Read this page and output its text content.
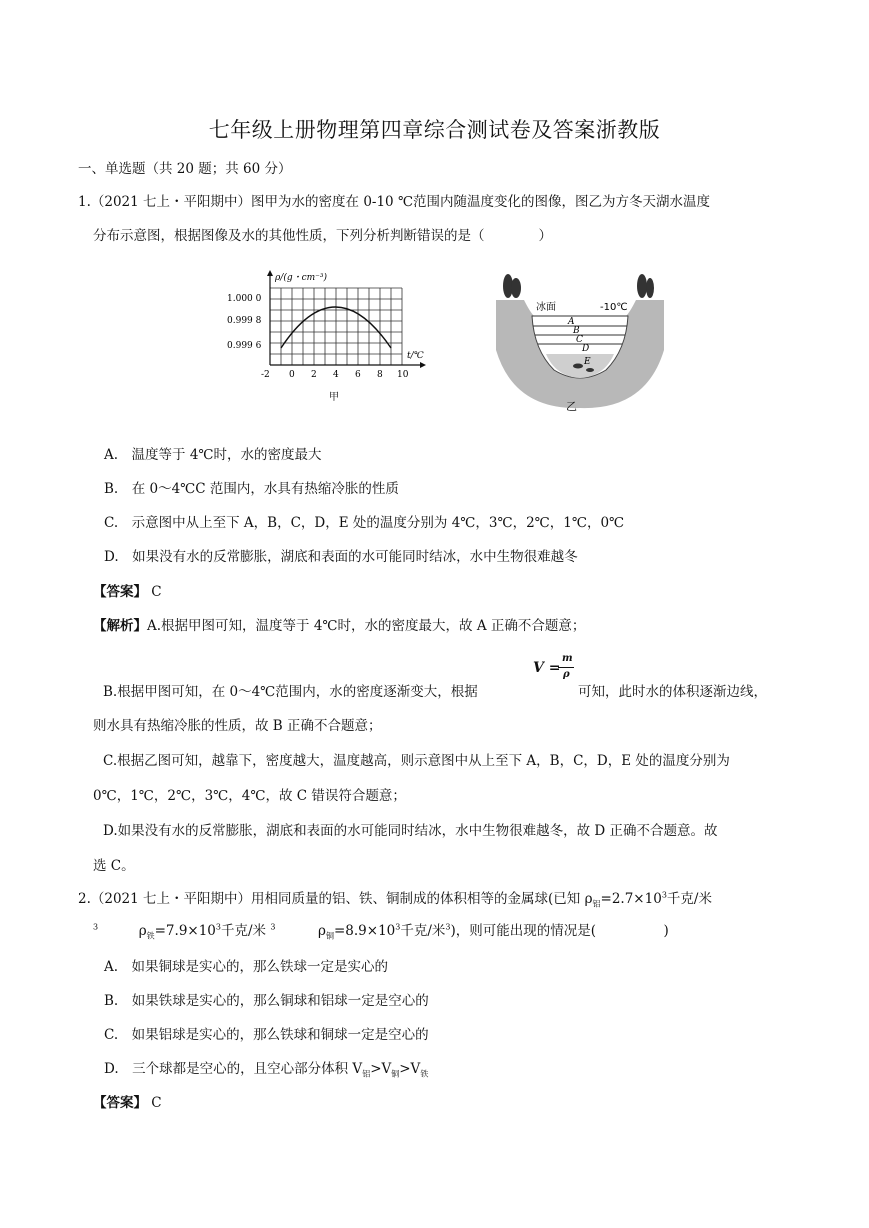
七年级上册物理第四章综合测试卷及答案浙教版
一、单选题（共 20 题；共 60 分）
1.（2021 七上・平阳期中）图甲为水的密度在 0-10 ℃范围内随温度变化的图像，图乙为方冬天湖水温度
分布示意图，根据图像及水的其他性质，下列分析判断错误的是（　　　　）
ρ/(g・cm⁻³)
t/℃
1.000 0
0.999 8
0.999 6
-2 0 2 4 6 8 10
甲
冰面	-10℃
A
B
C
D
E
乙
A.　温度等于 4℃时，水的密度最大
B.　在 0～4℃C 范围内，水具有热缩冷胀的性质
C.　示意图中从上至下 A，B，C，D，E 处的温度分别为 4℃，3℃，2℃，1℃，0℃
D.　如果没有水的反常膨胀，湖底和表面的水可能同时结冰，水中生物很难越冬
【答案】 C
【解析】A.根据甲图可知，温度等于 4℃时，水的密度最大，故 A 正确不合题意；
B.根据甲图可知，在 0～4℃范围内，水的密度逐渐变大，根据
V =
m
ρ
可知，此时水的体积逐渐边线，
则水具有热缩冷胀的性质，故 B 正确不合题意；
C.根据乙图可知，越靠下，密度越大，温度越高，则示意图中从上至下 A，B，C，D，E 处的温度分别为
0℃，1℃，2℃，3℃，4℃，故 C 错误符合题意；
D.如果没有水的反常膨胀，湖底和表面的水可能同时结冰，水中生物很难越冬，故 D 正确不合题意。故
选 C。
2.（2021 七上・平阳期中）用相同质量的铝、铁、铜制成的体积相等的金属球(已知 $\rho_铝=2.7\times 10^3$千克/米
$^3$	$\rho_铁=7.9\times 10^3$千克/米 $^3$	$\rho_铜=8.9\times 10^3$千克/米$^3$)，则可能出现的情况是(　　　　　)
A.　如果铜球是实心的，那么铁球一定是实心的
B.　如果铁球是实心的，那么铜球和铝球一定是空心的
C.　如果铝球是实心的，那么铁球和铜球一定是空心的
D.　三个球都是空心的，且空心部分体积 $V_铝>V_铜>V_铁$
【答案】 C
